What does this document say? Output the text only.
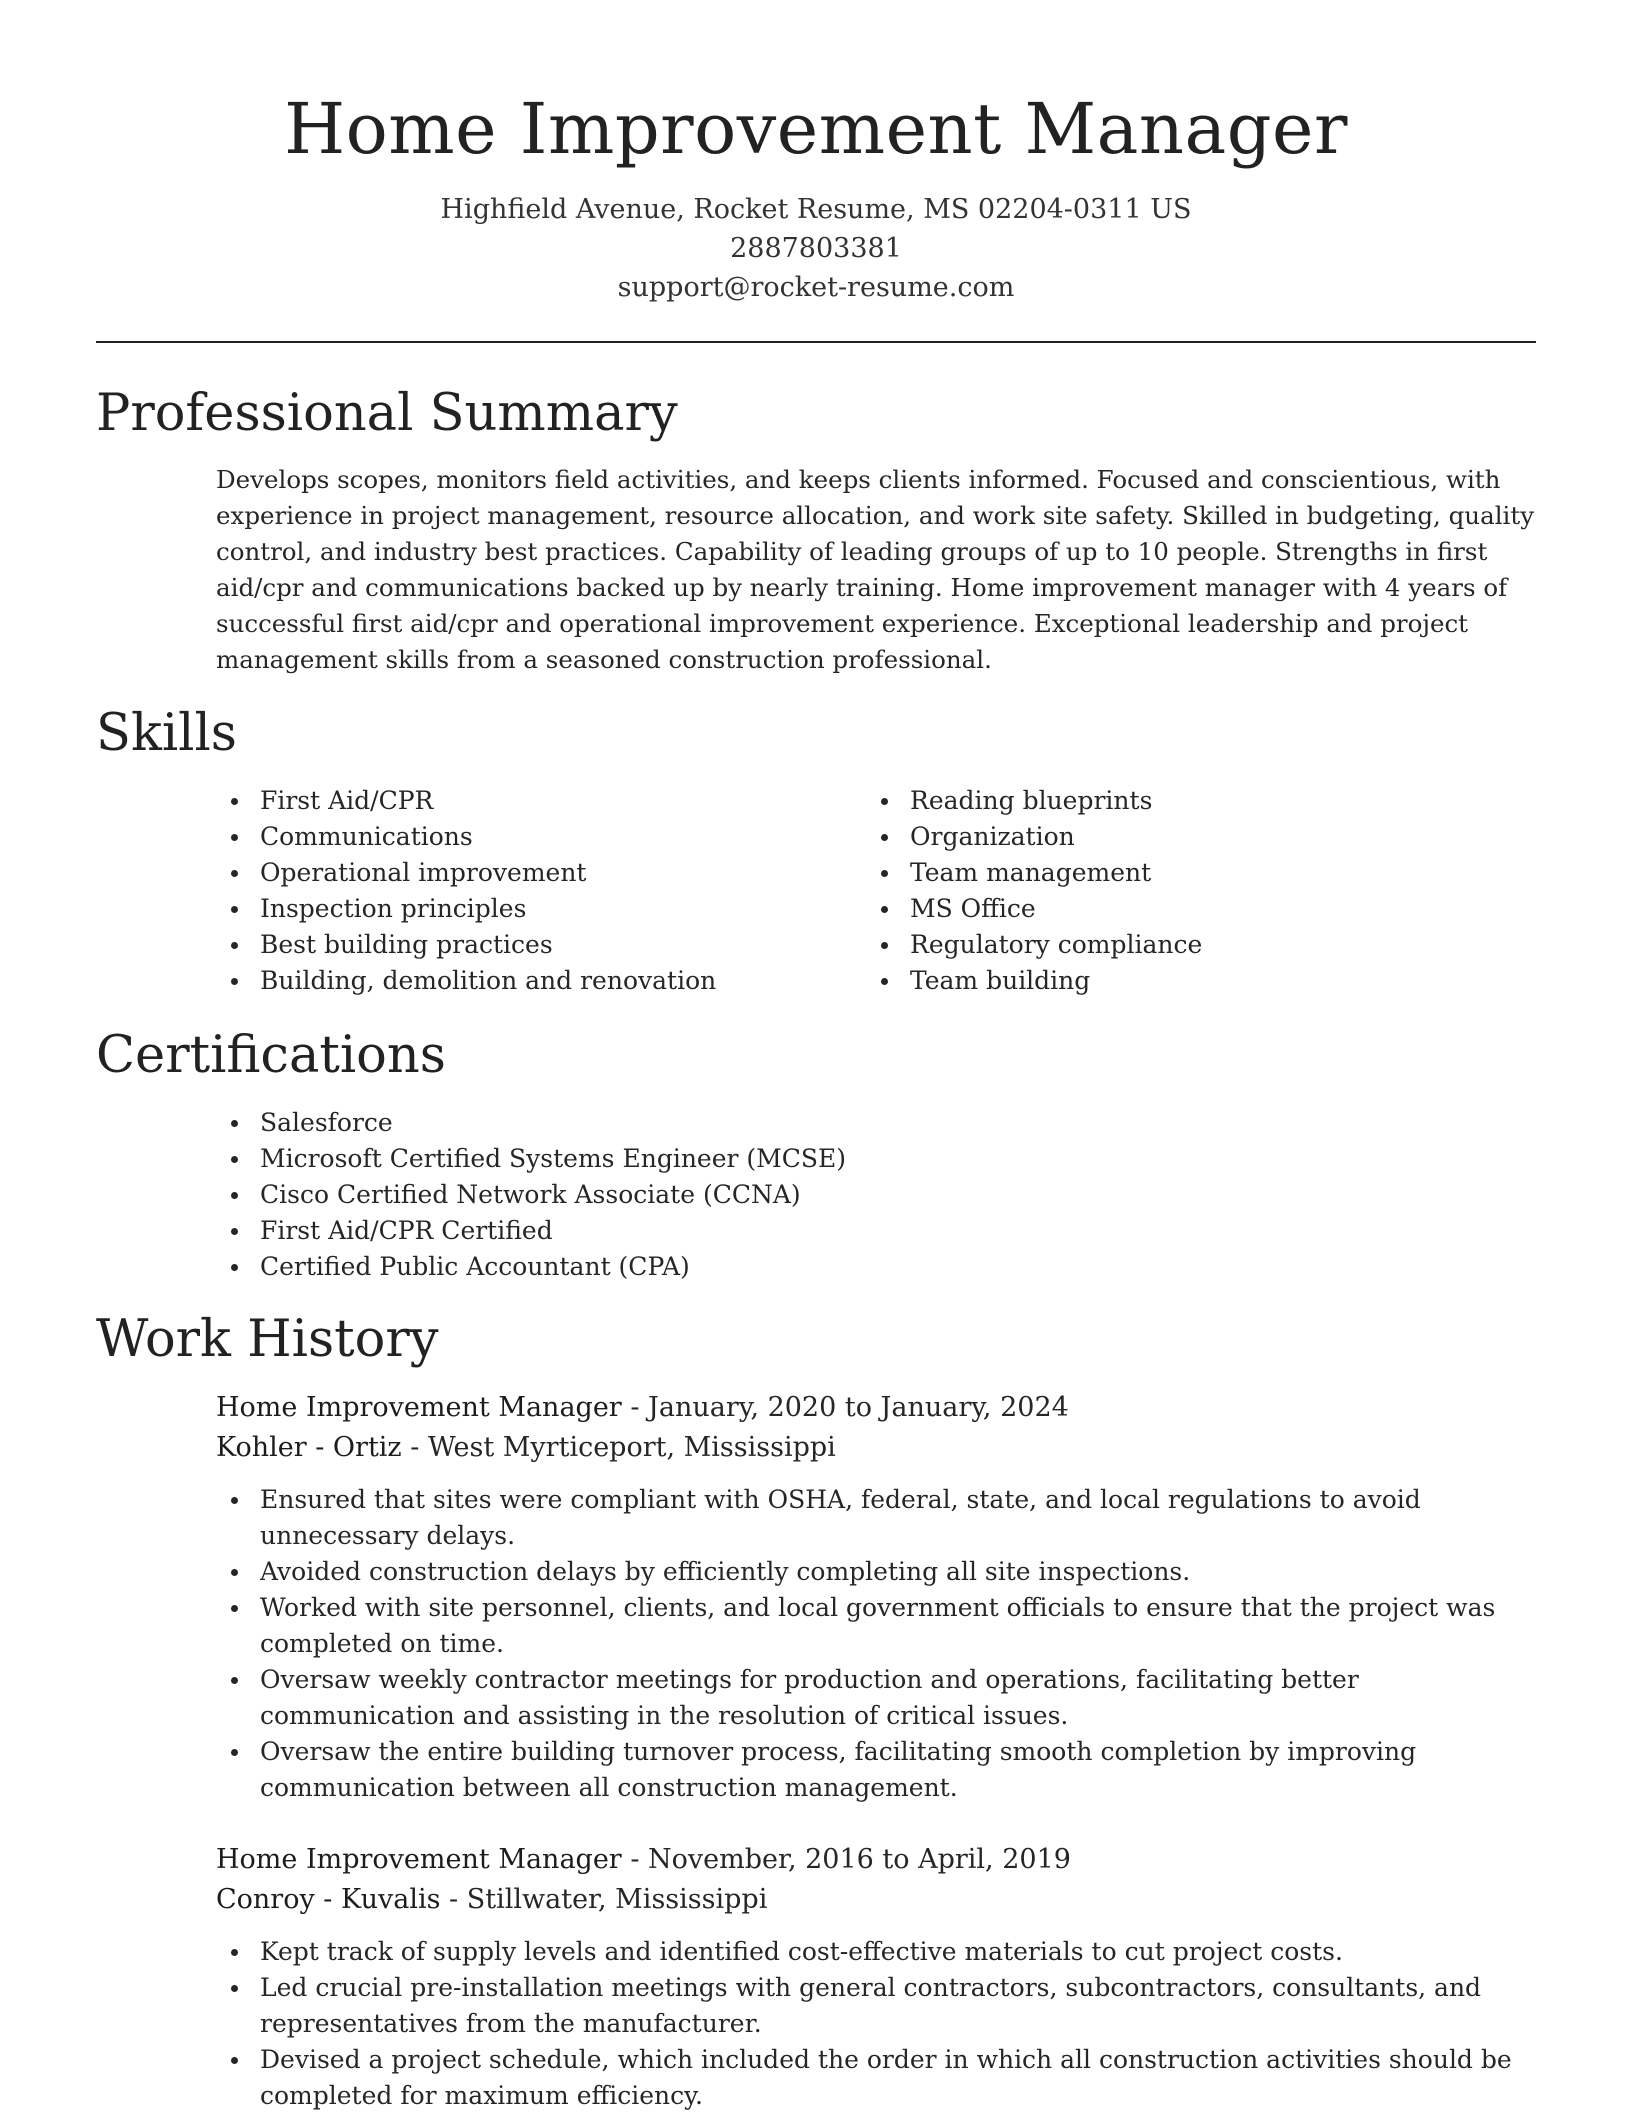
Home Improvement Manager
Highfield Avenue, Rocket Resume, MS 02204-0311 US
2887803381
support@rocket-resume.com
Professional Summary

Develops scopes, monitors field activities, and keeps clients informed. Focused and conscientious, with experience in project management, resource allocation, and work site safety. Skilled in budgeting, quality control, and industry best practices. Capability of leading groups of up to 10 people. Strengths in first aid/cpr and communications backed up by nearly training. Home improvement manager with 4 years of successful first aid/cpr and operational improvement experience. Exceptional leadership and project management skills from a seasoned construction professional.

Skills
First Aid/CPR
Communications
Operational improvement
Inspection principles
Best building practices
Building, demolition and renovation
Reading blueprints
Organization
Team management
MS Office
Regulatory compliance
Team building
Certifications
Salesforce
Microsoft Certified Systems Engineer (MCSE)
Cisco Certified Network Associate (CCNA)
First Aid/CPR Certified
Certified Public Accountant (CPA)
Work History
Home Improvement Manager - January, 2020 to January, 2024
Kohler - Ortiz - West Myrticeport, Mississippi
Ensured that sites were compliant with OSHA, federal, state, and local regulations to avoid unnecessary delays.
Avoided construction delays by efficiently completing all site inspections.
Worked with site personnel, clients, and local government officials to ensure that the project was completed on time.
Oversaw weekly contractor meetings for production and operations, facilitating better communication and assisting in the resolution of critical issues.
Oversaw the entire building turnover process, facilitating smooth completion by improving communication between all construction management.
Home Improvement Manager - November, 2016 to April, 2019
Conroy - Kuvalis - Stillwater, Mississippi
Kept track of supply levels and identified cost-effective materials to cut project costs.
Led crucial pre-installation meetings with general contractors, subcontractors, consultants, and representatives from the manufacturer.
Devised a project schedule, which included the order in which all construction activities should be completed for maximum efficiency.
